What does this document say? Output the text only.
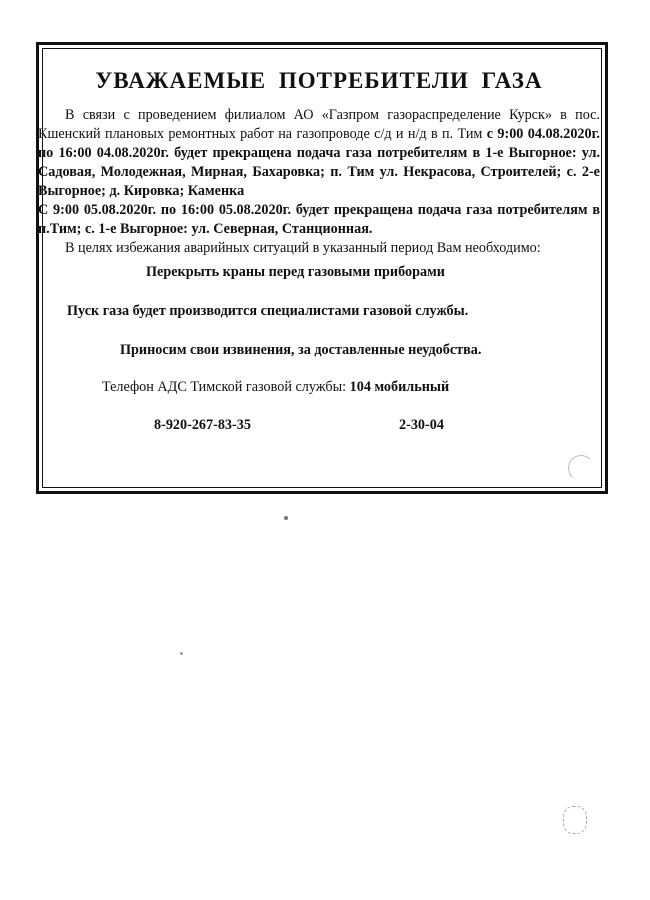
УВАЖАЕМЫЕ ПОТРЕБИТЕЛИ ГАЗА

В связи с проведением филиалом АО «Газпром газораспределение Курск» в пос. Кшенский плановых ремонтных работ на газопроводе с/д и н/д в п. Тим с 9:00 04.08.2020г. по 16:00 04.08.2020г. будет прекращена подача газа потребителям в 1-е Выгорное: ул. Садовая, Молодежная, Мирная, Бахаровка; п. Тим ул. Некрасова, Строителей; с. 2-е Выгорное; д. Кировка; Каменка

С 9:00 05.08.2020г. по 16:00 05.08.2020г. будет прекращена подача газа потребителям в п.Тим; с. 1-е Выгорное: ул. Северная, Станционная.

В целях избежания аварийных ситуаций в указанный период Вам необходимо:

Перекрыть краны перед газовыми приборами

Пуск газа будет производится специалистами газовой службы.

Приносим свои извинения, за доставленные неудобства.

Телефон АДС Тимской газовой службы: 104 мобильный

8-920-267-83-35	2-30-04
